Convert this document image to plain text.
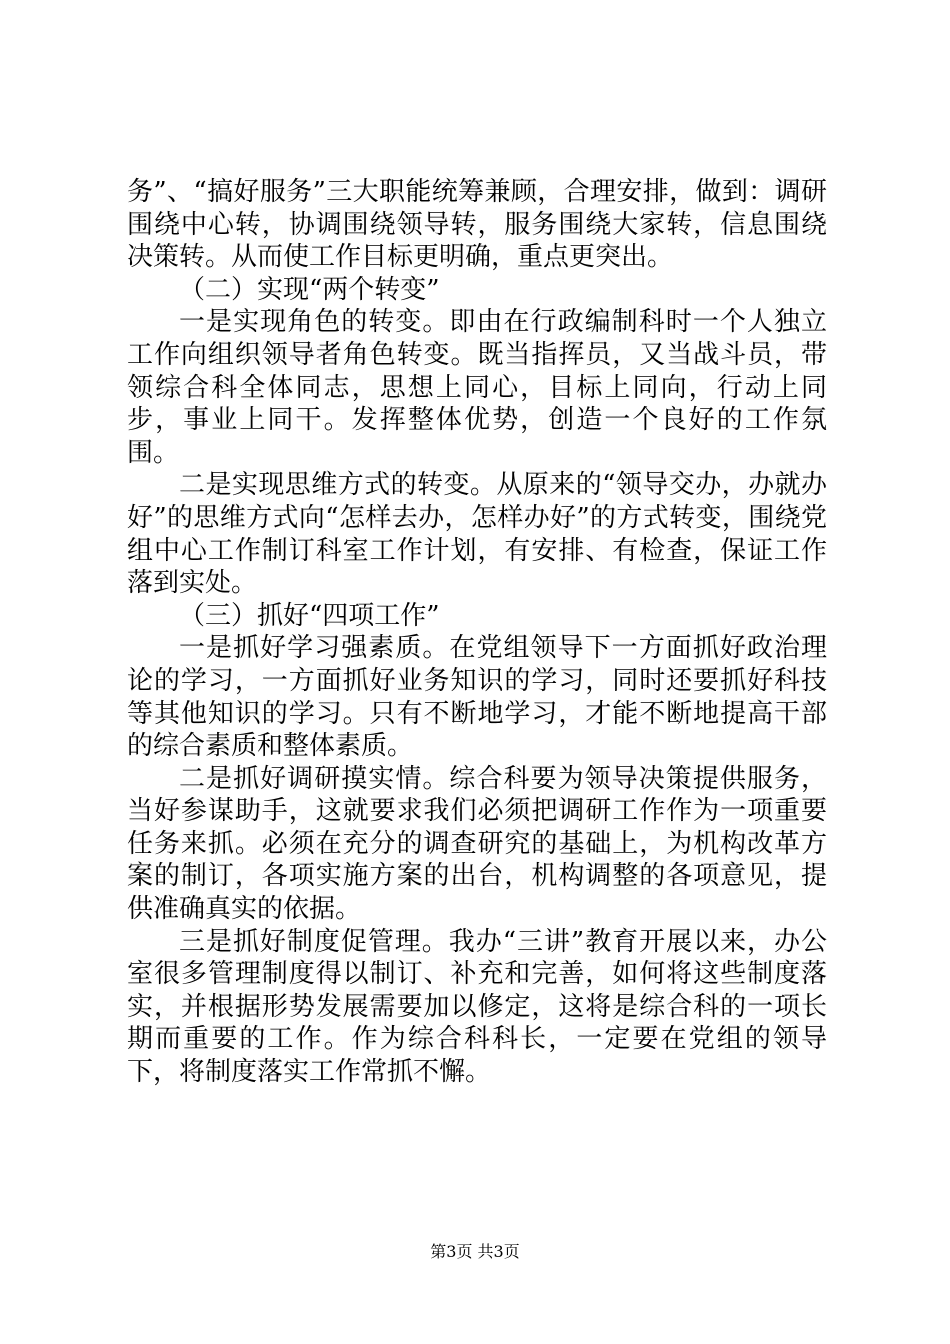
务”、“搞好服务”三大职能统筹兼顾，合理安排，做到：调研围绕中心转，协调围绕领导转，服务围绕大家转，信息围绕决策转。从而使工作目标更明确，重点更突出。

（二）实现“两个转变”

一是实现角色的转变。即由在行政编制科时一个人独立工作向组织领导者角色转变。既当指挥员，又当战斗员，带领综合科全体同志，思想上同心，目标上同向，行动上同步，事业上同干。发挥整体优势，创造一个良好的工作氛围。

二是实现思维方式的转变。从原来的“领导交办，办就办好”的思维方式向“怎样去办，怎样办好”的方式转变，围绕党组中心工作制订科室工作计划，有安排、有检查，保证工作落到实处。

（三）抓好“四项工作”

一是抓好学习强素质。在党组领导下一方面抓好政治理论的学习，一方面抓好业务知识的学习，同时还要抓好科技等其他知识的学习。只有不断地学习，才能不断地提高干部的综合素质和整体素质。

二是抓好调研摸实情。综合科要为领导决策提供服务，当好参谋助手，这就要求我们必须把调研工作作为一项重要任务来抓。必须在充分的调查研究的基础上，为机构改革方案的制订，各项实施方案的出台，机构调整的各项意见，提供准确真实的依据。

三是抓好制度促管理。我办“三讲”教育开展以来，办公室很多管理制度得以制订、补充和完善，如何将这些制度落实，并根据形势发展需要加以修定，这将是综合科的一项长期而重要的工作。作为综合科科长，一定要在党组的领导下，将制度落实工作常抓不懈。

第3页 共3页
